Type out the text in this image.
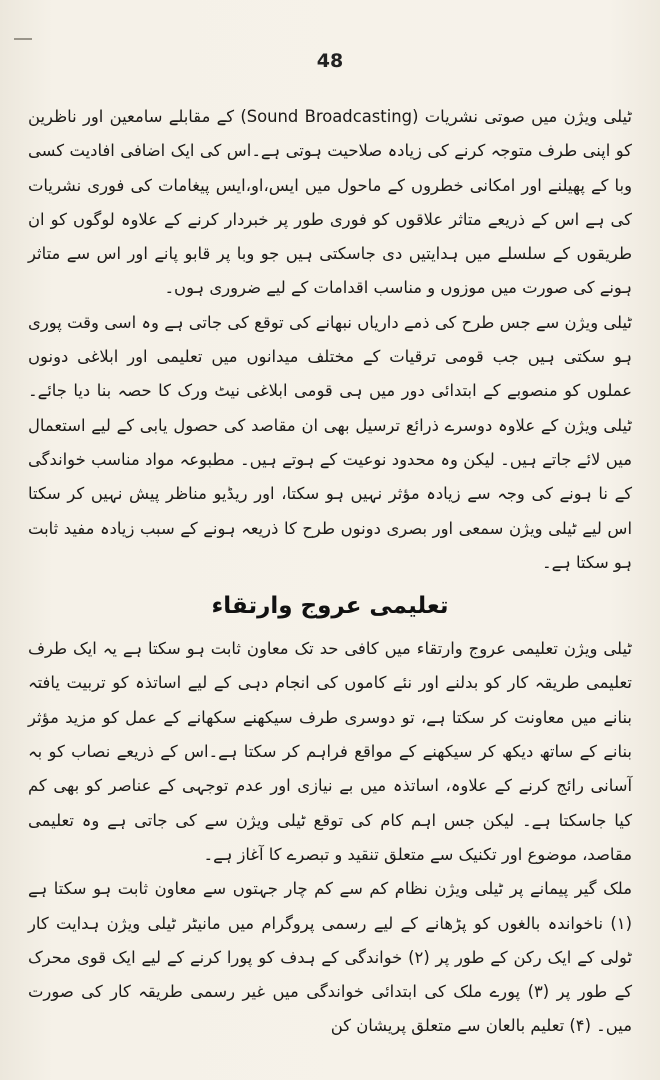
48

ٹیلی ویژن میں صوتی نشریات (Sound Broadcasting) کے مقابلے سامعین اور ناظرین کو اپنی طرف متوجہ کرنے کی زیادہ صلاحیت ہوتی ہے۔اس کی ایک اضافی افادیت کسی وبا کے پھیلنے اور امکانی خطروں کے ماحول میں ایس،او،ایس پیغامات کی فوری نشریات کی ہے اس کے ذریعے متاثر علاقوں کو فوری طور پر خبردار کرنے کے علاوہ لوگوں کو ان طریقوں کے سلسلے میں ہدایتیں دی جاسکتی ہیں جو وبا پر قابو پانے اور اس سے متاثر ہونے کی صورت میں موزوں و مناسب اقدامات کے لیے ضروری ہوں۔

ٹیلی ویژن سے جس طرح کی ذمے داریاں نبھانے کی توقع کی جاتی ہے وہ اسی وقت پوری ہو سکتی ہیں جب قومی ترقیات کے مختلف میدانوں میں تعلیمی اور ابلاغی دونوں عملوں کو منصوبے کے ابتدائی دور میں ہی قومی ابلاغی نیٹ ورک کا حصہ بنا دیا جائے۔ ٹیلی ویژن کے علاوہ دوسرے ذرائع ترسیل بھی ان مقاصد کی حصول یابی کے لیے استعمال میں لائے جاتے ہیں۔ لیکن وہ محدود نوعیت کے ہوتے ہیں۔ مطبوعہ مواد مناسب خواندگی کے نا ہونے کی وجہ سے زیادہ مؤثر نہیں ہو سکتا، اور ریڈیو مناظر پیش نہیں کر سکتا اس لیے ٹیلی ویژن سمعی اور بصری دونوں طرح کا ذریعہ ہونے کے سبب زیادہ مفید ثابت ہو سکتا ہے۔

تعلیمی عروج وارتقاء

ٹیلی ویژن تعلیمی عروج وارتقاء میں کافی حد تک معاون ثابت ہو سکتا ہے یہ ایک طرف تعلیمی طریقہ کار کو بدلنے اور نئے کاموں کی انجام دہی کے لیے اساتذہ کو تربیت یافتہ بنانے میں معاونت کر سکتا ہے، تو دوسری طرف سیکھنے سکھانے کے عمل کو مزید مؤثر بنانے کے ساتھ دیکھ کر سیکھنے کے مواقع فراہم کر سکتا ہے۔اس کے ذریعے نصاب کو بہ آسانی رائج کرنے کے علاوہ، اساتذہ میں بے نیازی اور عدم توجہی کے عناصر کو بھی کم کیا جاسکتا ہے۔ لیکن جس اہم کام کی توقع ٹیلی ویژن سے کی جاتی ہے وہ تعلیمی مقاصد، موضوع اور تکنیک سے متعلق تنقید و تبصرے کا آغاز ہے۔

ملک گیر پیمانے پر ٹیلی ویژن نظام کم سے کم چار جہتوں سے معاون ثابت ہو سکتا ہے (۱) ناخواندہ بالغوں کو پڑھانے کے لیے رسمی پروگرام میں مانیٹر ٹیلی ویژن ہدایت کار ٹولی کے ایک رکن کے طور پر (۲) خواندگی کے ہدف کو پورا کرنے کے لیے ایک قوی محرک کے طور پر (۳) پورے ملک کی ابتدائی خواندگی میں غیر رسمی طریقہ کار کی صورت میں۔ (۴) تعلیم بالعان سے متعلق پریشان کن
